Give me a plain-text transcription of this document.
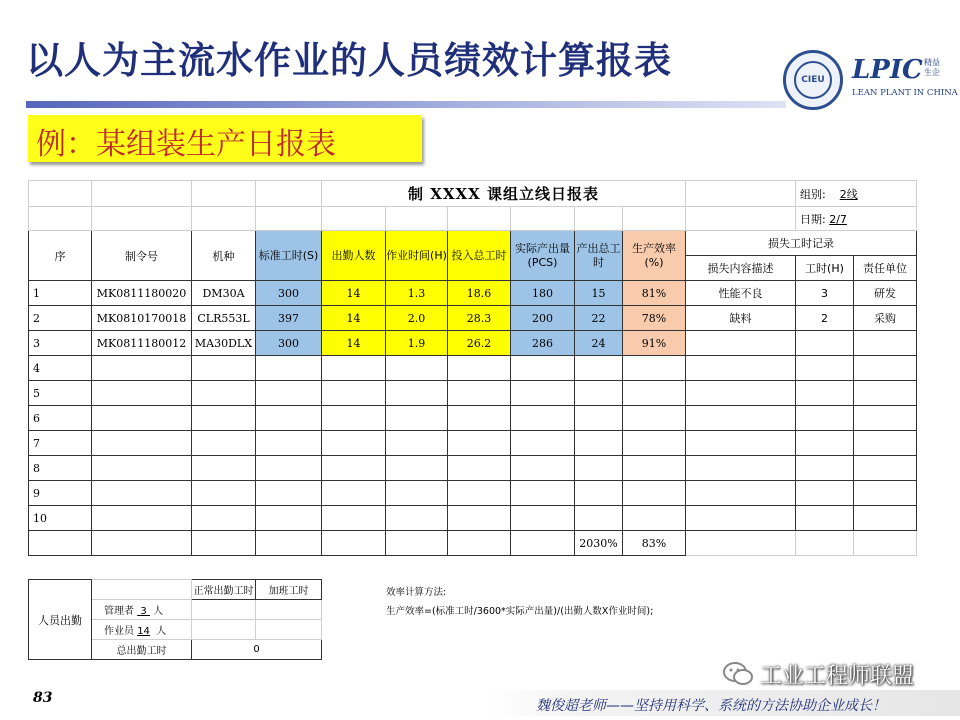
以人为主流水作业的人员绩效计算报表	CIEU LPIC 精益生企
LEAN PLANT IN CHINA
例：某组装生产日报表
				制 XXXX 课组立线日报表							组别: 2线	
											日期: 2/7	
序	制令号	机种	标准工时(S)	出勤人数	作业时间(H)	投入总工时	实际产出量(PCS)	产出总工时	生产效率(%)	损失工时记录		
										损失内容描述	工时(H)	责任单位
1	MK0811180020	DM30A	300	14	1.3	18.6	180	15	81%	性能不良	3	研发
2	MK0810170018	CLR553L	397	14	2.0	28.3	200	22	78%	缺料	2	采购
3	MK0811180012	MA30DLX	300	14	1.9	26.2	286	24	91%			
4												
5												
6												
7												
8												
9												
10												
								2030%	83%			
人员出勤		正常出勤工时	加班工时
	管理者 3 人		
	作业员 14 人		
	总出勤工时	0	
效率计算方法:
生产效率=(标准工时/3600*实际产出量)/(出勤人数X作业时间);
83
工业工程师联盟
魏俊超老师——坚持用科学、系统的方法协助企业成长！
